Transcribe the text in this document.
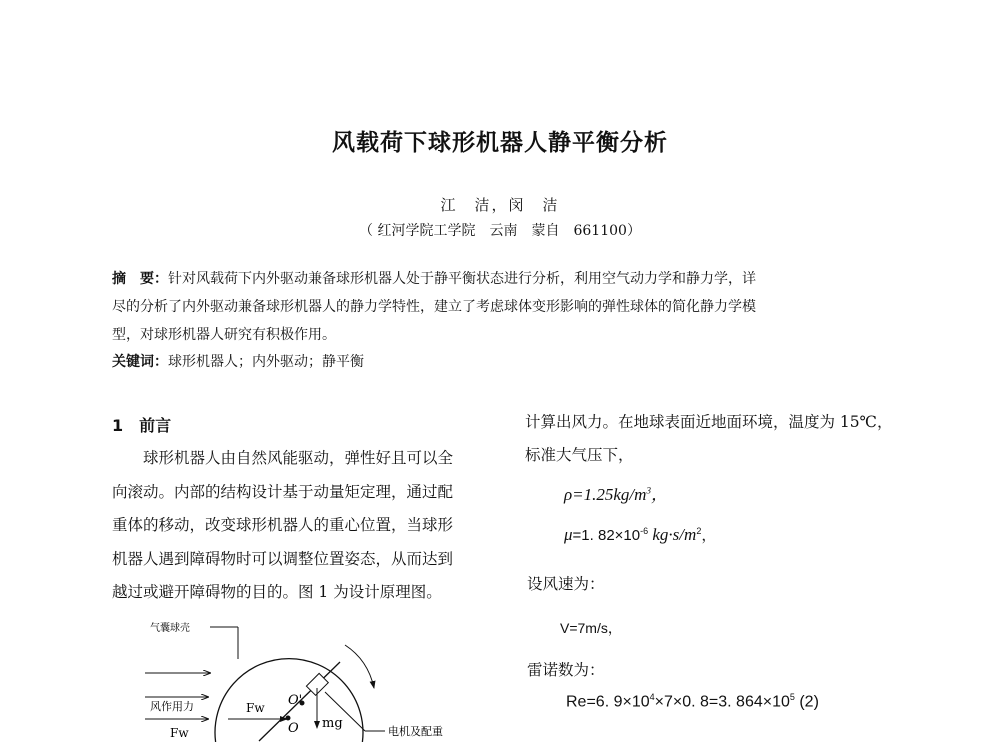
风载荷下球形机器人静平衡分析
江　洁，闵　洁
（ 红河学院工学院　云南　蒙自　661100）
摘　要：针对风载荷下内外驱动兼备球形机器人处于静平衡状态进行分析，利用空气动力学和静力学，详
尽的分析了内外驱动兼备球形机器人的静力学特性，建立了考虑球体变形影响的弹性球体的简化静力学模
型，对球形机器人研究有积极作用。
关键词：球形机器人；内外驱动；静平衡
1　前言
　　球形机器人由自然风能驱动，弹性好且可以全
向滚动。内部的结构设计基于动量矩定理，通过配
重体的移动，改变球形机器人的重心位置，当球形
机器人遇到障碍物时可以调整位置姿态，从而达到
越过或避开障碍物的目的。图 1 为设计原理图。
计算出风力。在地球表面近地面环境，温度为 15℃，
标准大气压下，
$\rho=1.25kg/m^3$，
μ=1. $82\times 10^{-6}$ $kg\cdot s/m^2$，
设风速为：
V=7m/s，
雷诺数为：
Re=6. $9\times 10^4\times 7\times 0$. 8=3. $864\times 10^5$ (2)
气囊球壳
风作用力
Fw
Fw O'
O mg
电机及配重
